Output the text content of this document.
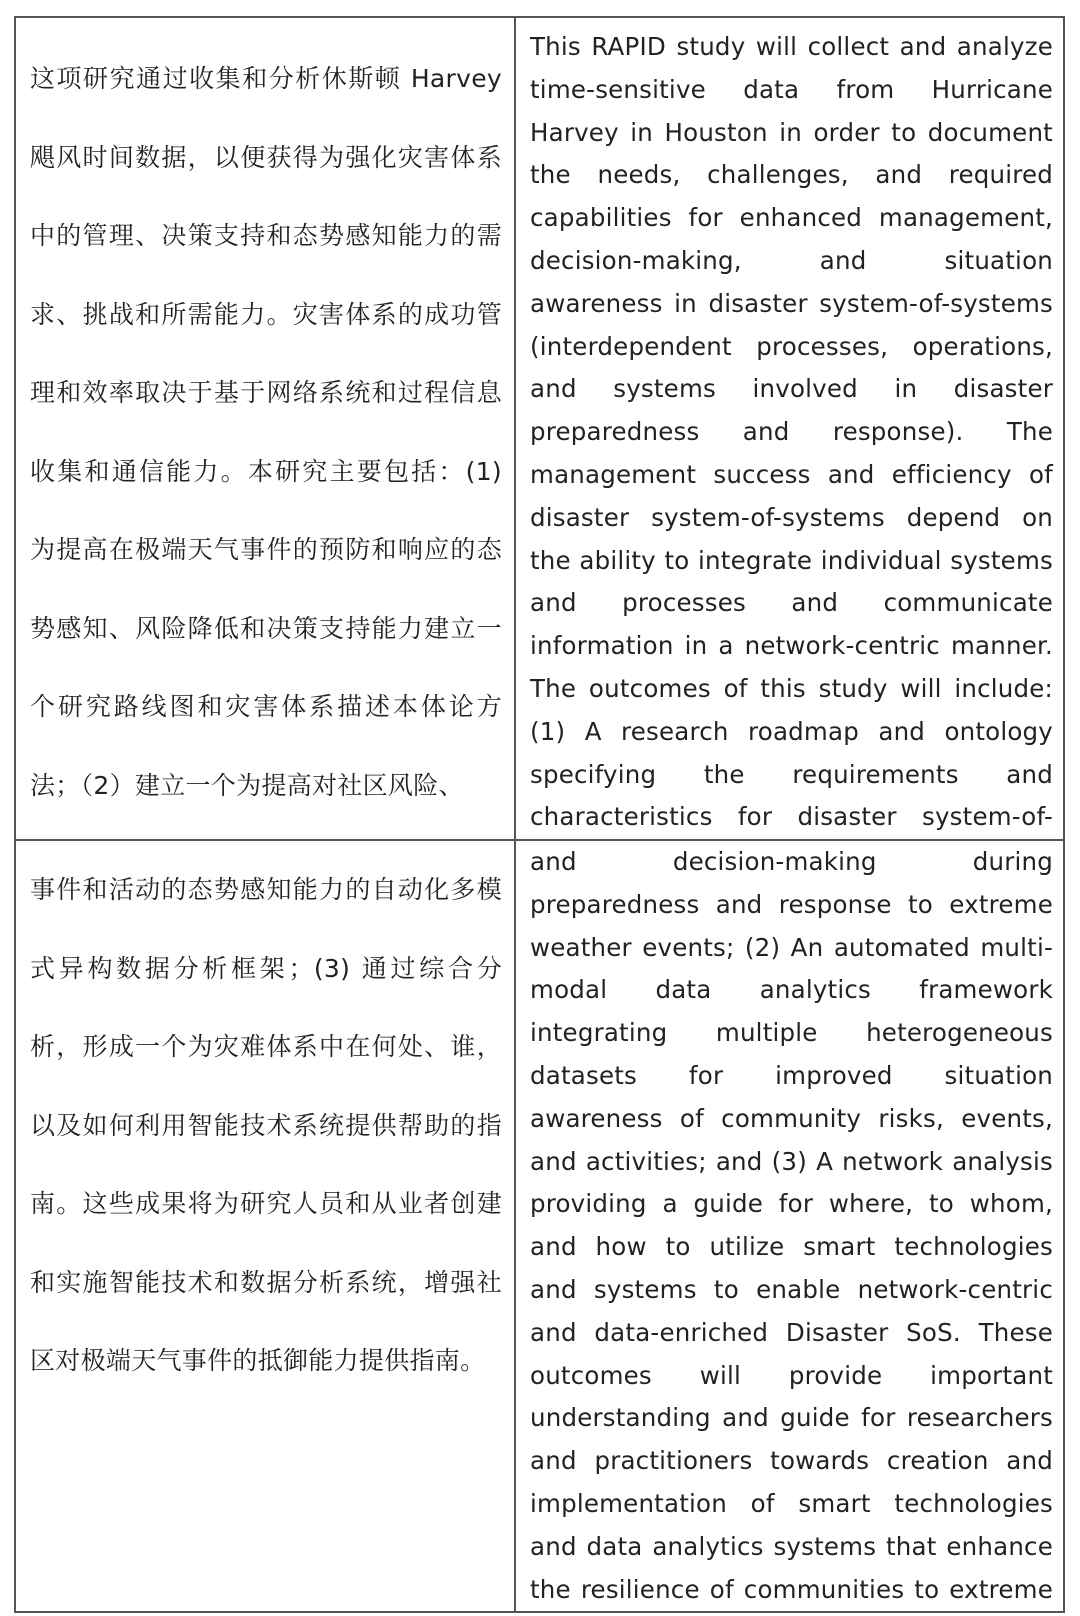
这项研究通过收集和分析休斯顿 Harvey 飓风时间数据，以便获得为强化灾害体系中的管理、决策支持和态势感知能力的需求、挑战和所需能力。灾害体系的成功管理和效率取决于基于网络系统和过程信息收集和通信能力。本研究主要包括：(1) 为提高在极端天气事件的预防和响应的态势感知、风险降低和决策支持能力建立一个研究路线图和灾害体系描述本体论方法；（2）建立一个为提高对社区风险、

This RAPID study will collect and analyze time-sensitive data from Hurricane Harvey in Houston in order to document the needs, challenges, and required capabilities for enhanced management, decision-making, and situation awareness in disaster system-of-systems (interdependent processes, operations, and systems involved in disaster preparedness and response). The management success and efficiency of disaster system-of-systems depend on the ability to integrate individual systems and processes and communicate information in a network-centric manner. The outcomes of this study will include: (1) A research roadmap and ontology specifying the requirements and characteristics for disaster system-of-

事件和活动的态势感知能力的自动化多模式异构数据分析框架；(3) 通过综合分析，形成一个为灾难体系中在何处、谁，以及如何利用智能技术系统提供帮助的指南。这些成果将为研究人员和从业者创建和实施智能技术和数据分析系统，增强社区对极端天气事件的抵御能力提供指南。

and decision-making during preparedness and response to extreme weather events; (2) An automated multi-modal data analytics framework integrating multiple heterogeneous datasets for improved situation awareness of community risks, events, and activities; and (3) A network analysis providing a guide for where, to whom, and how to utilize smart technologies and systems to enable network-centric and data-enriched Disaster SoS. These outcomes will provide important understanding and guide for researchers and practitioners towards creation and implementation of smart technologies and data analytics systems that enhance the resilience of communities to extreme
